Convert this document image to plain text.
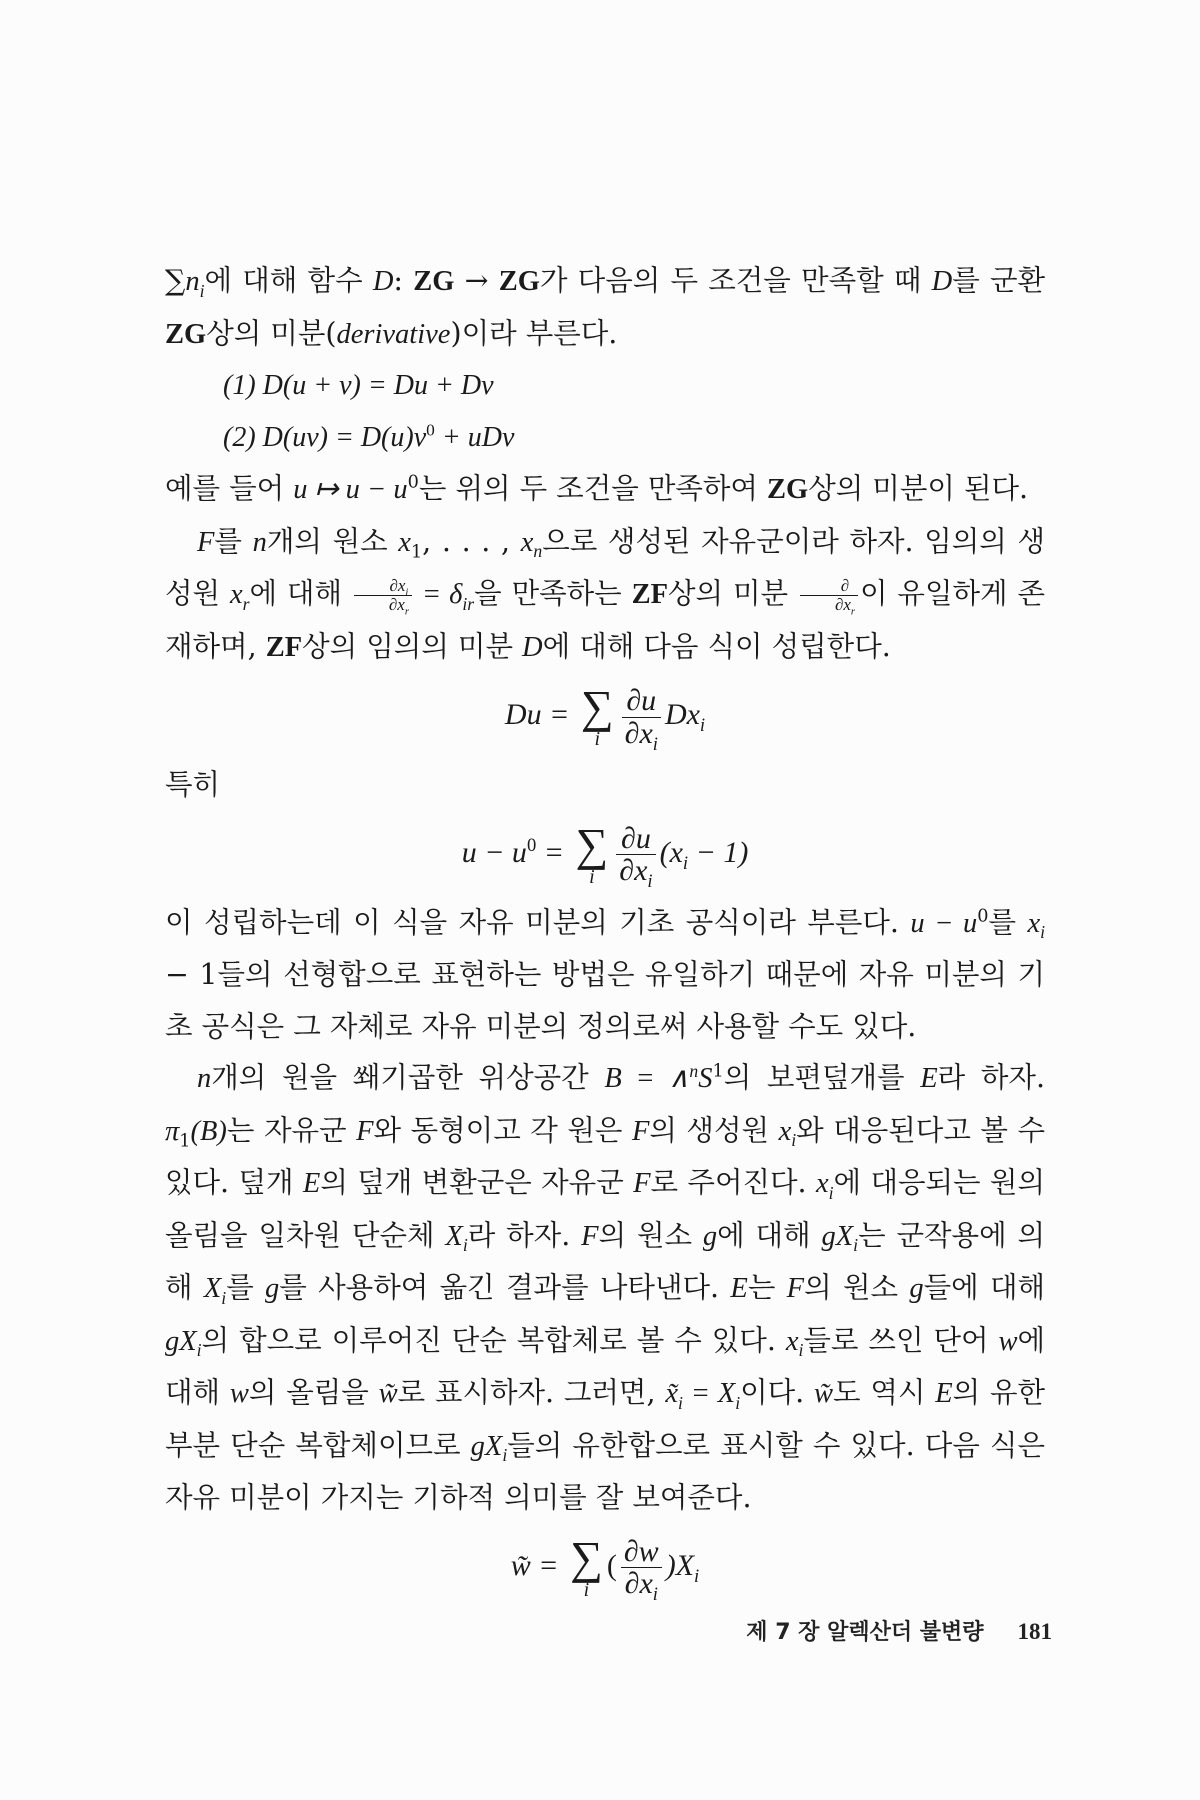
$\sum n_i$에 대해 함수 D: ZG → ZG가 다음의 두 조건을 만족할 때 D를 군환 ZG상의 미분(derivative)이라 부른다.

(1) D(u + v) = Du + Dv
(2) $D(uv) = D(u)v^0$ + uDv

예를 들어 u ↦ $u - u^0$는 위의 두 조건을 만족하여 ZG상의 미분이 된다.

F를 n개의 원소 $x_1$, . . . , $x_n$으로 생성된 자유군이라 하자. 임의의 생성원 $x_r$에 대해 $\frac{\partial x_i}{\partial x_r} = \delta_{ir}$을 만족하는 ZF상의 미분 $\frac{\partial}{\partial x_r}$ 이 유일하게 존재하며, ZF상의 임의의 미분 D에 대해 다음 식이 성립한다.

Du = ∑
i $\frac{\partial u}{\partial x_i} Dx_i$

특히

$u - u^0$ = ∑
i $\frac{\partial u}{\partial x_i} (x_i - 1)$

이 성립하는데 이 식을 자유 미분의 기초 공식이라 부른다. $u - u^0$를 $x_i - 1$들의 선형합으로 표현하는 방법은 유일하기 때문에 자유 미분의 기초 공식은 그 자체로 자유 미분의 정의로써 사용할 수도 있다.

n개의 원을 쐐기곱한 위상공간 $B = \wedge^nS^1$의 보편덮개를 E라 하자. $\pi_1(B)$는 자유군 F와 동형이고 각 원은 F의 생성원 $x_i$와 대응된다고 볼 수 있다. 덮개 E의 덮개 변환군은 자유군 F로 주어진다. $x_i$에 대응되는 원의 올림을 일차원 단순체 $X_i$라 하자. F의 원소 g에 대해 $gX_i$는 군작용에 의해 $X_i$를 g를 사용하여 옮긴 결과를 나타낸다. E는 F의 원소 g들에 대해 $gX_i$의 합으로 이루어진 단순 복합체로 볼 수 있다. $x_i$들로 쓰인 단어 w에 대해 w의 올림을 w̃로 표시하자. 그러면, $x̃_i = X_i$이다. w̃도 역시 E의 유한 부분 단순 복합체이므로 $gX_i$들의 유한합으로 표시할 수 있다. 다음 식은 자유 미분이 가지는 기하적 의미를 잘 보여준다.

w̃ = ∑
i
( $\frac{\partial w}{\partial x_i} )X_i$
제 7 장 알렉산더 불변량 181
